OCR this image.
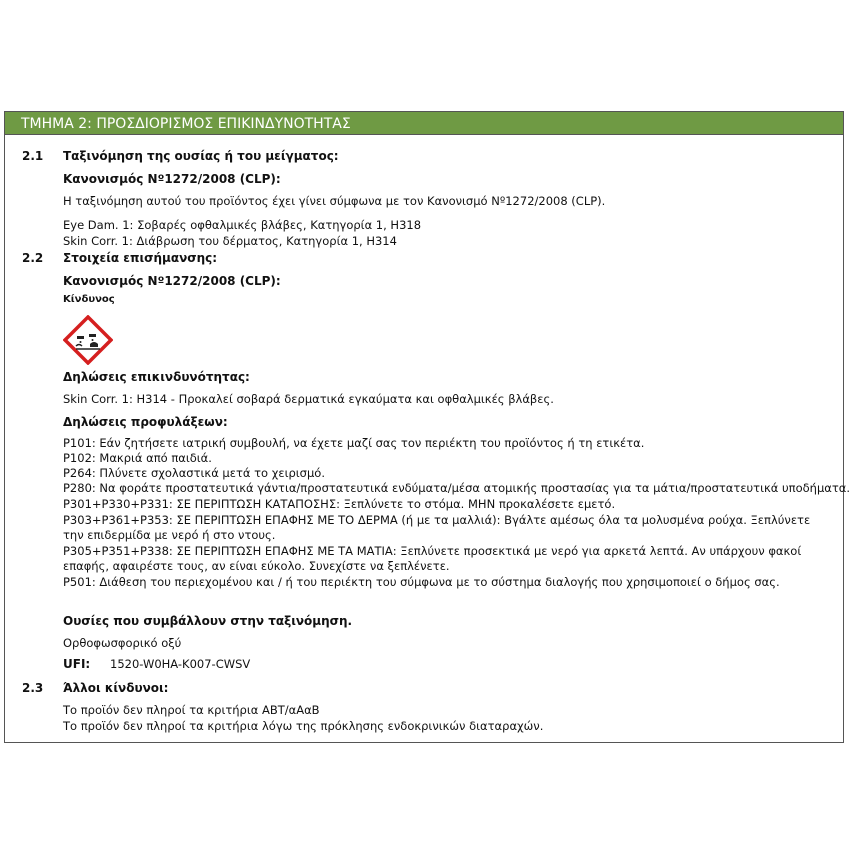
ΤΜΗΜΑ 2: ΠΡΟΣΔΙΟΡΙΣΜΟΣ ΕΠΙΚΙΝΔΥΝΟΤΗΤΑΣ
2.1 Ταξινόμηση της ουσίας ή του μείγματος:
Κανονισμός Nº1272/2008 (CLP):
Η ταξινόμηση αυτού του προϊόντος έχει γίνει σύμφωνα με τον Κανονισμό Nº1272/2008 (CLP).
Eye Dam. 1: Σοβαρές οφθαλμικές βλάβες, Κατηγορία 1, H318
Skin Corr. 1: Διάβρωση του δέρματος, Κατηγορία 1, H314
2.2 Στοιχεία επισήμανσης:
Κανονισμός Nº1272/2008 (CLP):
Κίνδυνος
Δηλώσεις επικινδυνότητας:
Skin Corr. 1: H314 - Προκαλεί σοβαρά δερματικά εγκαύματα και οφθαλμικές βλάβες.
Δηλώσεις προφυλάξεων:
P101: Εάν ζητήσετε ιατρική συμβουλή, να έχετε μαζί σας τον περιέκτη του προϊόντος ή τη ετικέτα.
P102: Μακριά από παιδιά.
P264: Πλύνετε σχολαστικά μετά το χειρισμό.
P280: Να φοράτε προστατευτικά γάντια/προστατευτικά ενδύματα/μέσα ατομικής προστασίας για τα μάτια/προστατευτικά υποδήματα.
P301+P330+P331: ΣΕ ΠΕΡΙΠΤΩΣΗ ΚΑΤΑΠΟΣΗΣ: Ξεπλύνετε το στόμα. ΜΗΝ προκαλέσετε εμετό.
P303+P361+P353: ΣΕ ΠΕΡΙΠΤΩΣΗ ΕΠΑΦΗΣ ΜΕ ΤΟ ΔΕΡΜΑ (ή με τα μαλλιά): Βγάλτε αμέσως όλα τα μολυσμένα ρούχα. Ξεπλύνετε
την επιδερμίδα με νερό ή στο ντους.
P305+P351+P338: ΣΕ ΠΕΡΙΠΤΩΣΗ ΕΠΑΦΗΣ ΜΕ ΤΑ ΜΑΤΙΑ: Ξεπλύνετε προσεκτικά με νερό για αρκετά λεπτά. Αν υπάρχουν φακοί
επαφής, αφαιρέστε τους, αν είναι εύκολο. Συνεχίστε να ξεπλένετε.
P501: Διάθεση του περιεχομένου και / ή του περιέκτη του σύμφωνα με το σύστημα διαλογής που χρησιμοποιεί ο δήμος σας.
Ουσίες που συμβάλλουν στην ταξινόμηση.
Ορθοφωσφορικό οξύ
UFI: 1520-W0HA-K007-CWSV
2.3 Άλλοι κίνδυνοι:
Το προϊόν δεν πληροί τα κριτήρια ΑΒΤ/αΑαΒ
Το προϊόν δεν πληροί τα κριτήρια λόγω της πρόκλησης ενδοκρινικών διαταραχών.
